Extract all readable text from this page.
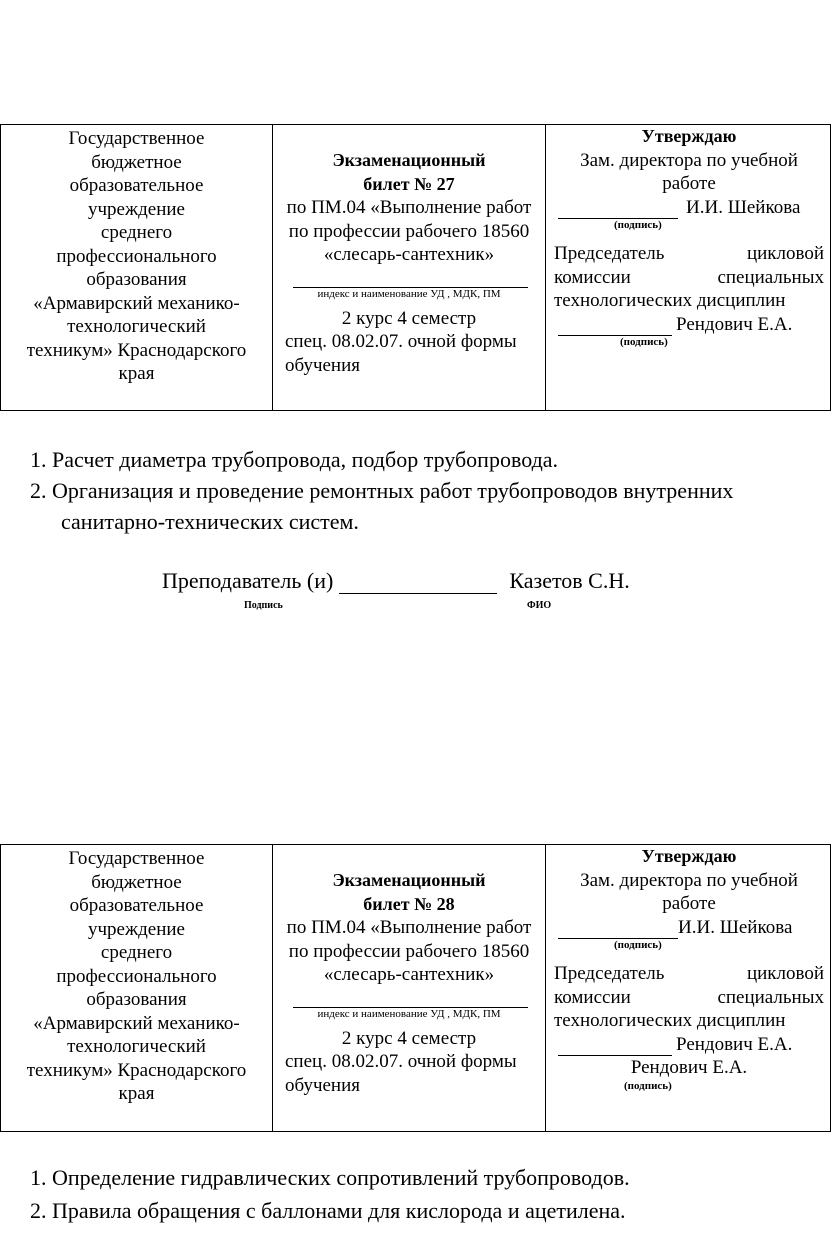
Государственное
бюджетное
образовательное
учреждение
среднего
профессионального
образования
«Армавирский механико-
технологический
техникум» Краснодарского
края

Экзаменационный
билет № 27
по ПМ.04 «Выполнение работ
по профессии рабочего 18560
«слесарь-сантехник»
индекс и наименование УД , МДК, ПМ
2 курс 4 семестр
спец. 08.02.07. очной формы
обучения

Утверждаю
Зам. директора по учебной
работе
И.И. Шейкова
(подпись)
Председатель	цикловой
комиссии	специальных
технологических дисциплин
Рендович Е.А.
(подпись)
1. Расчет диаметра трубопровода, подбор трубопровода.
2. Организация и проведение ремонтных работ трубопроводов внутренних
санитарно-технических систем.
Преподаватель (и)	Казетов С.Н.
Подпись	ФИО
Государственное
бюджетное
образовательное
учреждение
среднего
профессионального
образования
«Армавирский механико-
технологический
техникум» Краснодарского
края

Экзаменационный
билет № 28
по ПМ.04 «Выполнение работ
по профессии рабочего 18560
«слесарь-сантехник»
индекс и наименование УД , МДК, ПМ
2 курс 4 семестр
спец. 08.02.07. очной формы
обучения

Утверждаю
Зам. директора по учебной
работе
И.И. Шейкова
(подпись)
Председатель	цикловой
комиссии	специальных
технологических дисциплин
Рендович Е.А.
Рендович Е.А.
(подпись)
1. Определение гидравлических сопротивлений трубопроводов.
2. Правила обращения с баллонами для кислорода и ацетилена.
